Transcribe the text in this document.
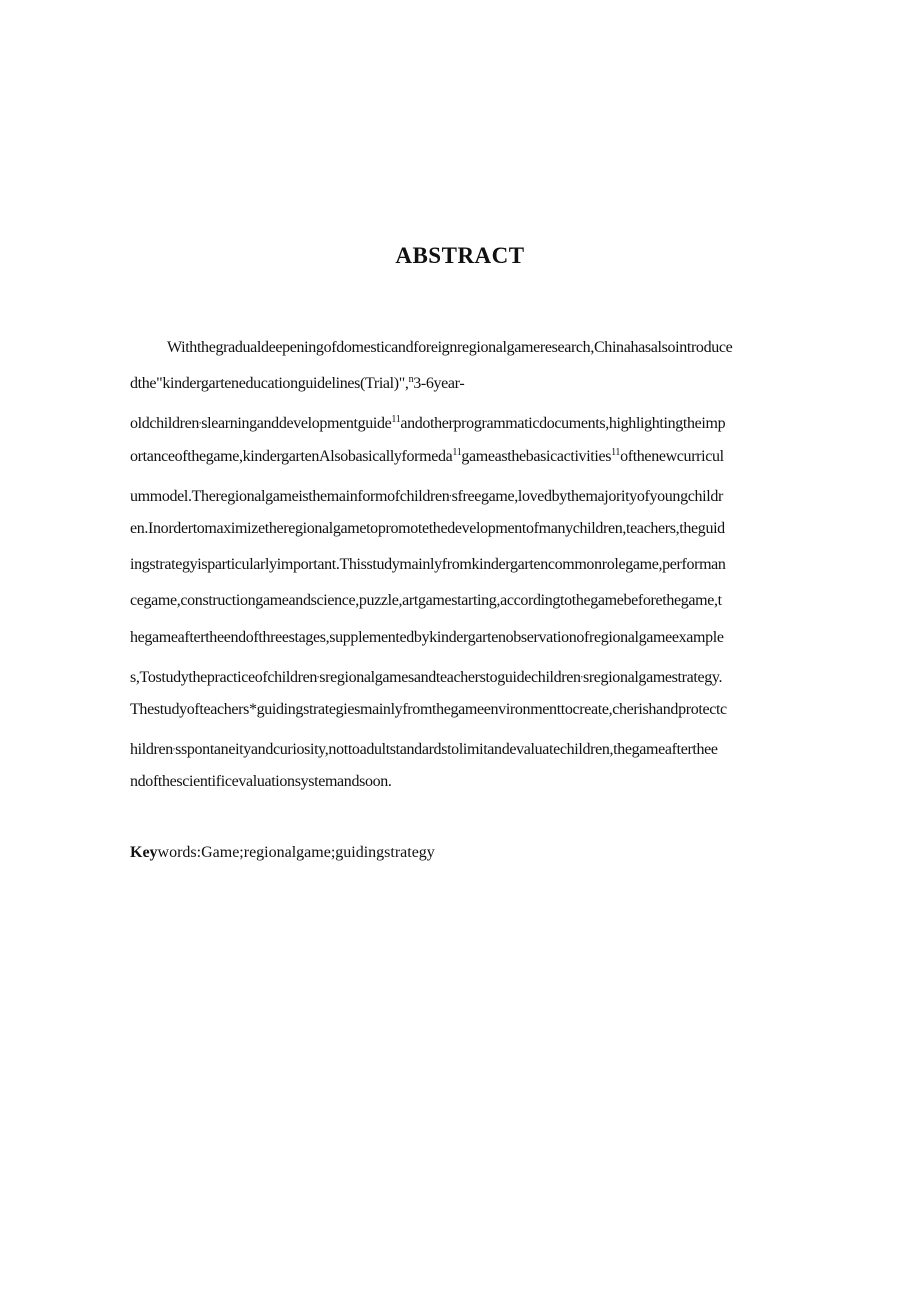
ABSTRACT
Withthegradualdeepeningofdomesticandforeignregionalgameresearch,Chinahasalsointroduce
dthe"kindergarteneducationguidelines(Trial)",$^n$3-6year-
oldchildren,slearninganddevelopmentguide$^{11}$andotherprogrammaticdocuments,highlightingtheimp
ortanceofthegame,kindergartenAlsobasicallyformeda$^{11}$gameasthebasicactivities$^{11}$ofthenewcurricul
ummodel.Theregionalgameisthemainformofchildren,sfreegame,lovedbythemajorityofyoungchildr
en.Inordertomaximizetheregionalgametopromotethedevelopmentofmanychildren,teachers,theguid
ingstrategyisparticularlyimportant.Thisstudymainlyfromkindergartencommonrolegame,performan
cegame,constructiongameandscience,puzzle,artgamestarting,accordingtothegamebeforethegame,t
hegameaftertheendofthreestages,supplementedbykindergartenobservationofregionalgameexample
s,Tostudythepracticeofchildren,sregionalgamesandteacherstoguidechildren,sregionalgamestrategy.
Thestudyofteachers*guidingstrategiesmainlyfromthegameenvironmenttocreate,cherishandprotectc
hildren,sspontaneityandcuriosity,nottoadultstandardstolimitandevaluatechildren,thegameaftertheе
ndofthescientificevaluationsystemandsoon.
Keywords:Game;regionalgame;guidingstrategy
